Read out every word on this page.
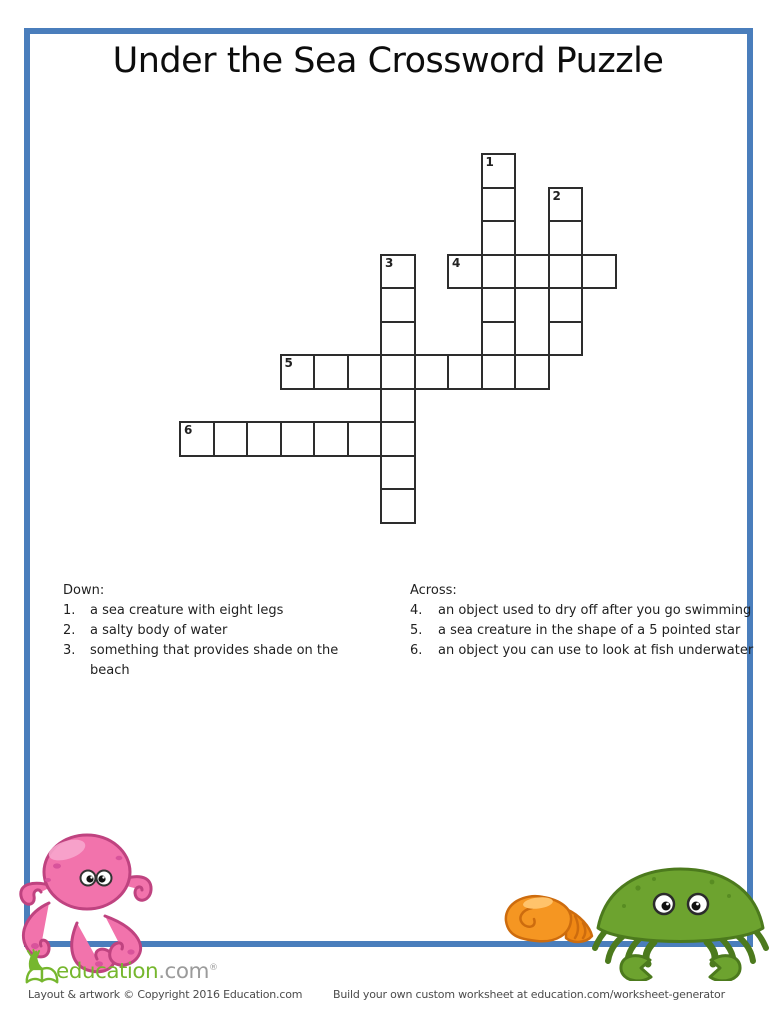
Under the Sea Crossword Puzzle
1
2
3	4
5
6
Down:
1.	a sea creature with eight legs
2.	a salty body of water
3.	something that provides shade on the beach
Across:
4.	an object used to dry off after you go swimming
5.	a sea creature in the shape of a 5 pointed star
6.	an object you can use to look at fish underwater
education.com®
Layout & artwork © Copyright 2016 Education.com	Build your own custom worksheet at education.com/worksheet-generator
